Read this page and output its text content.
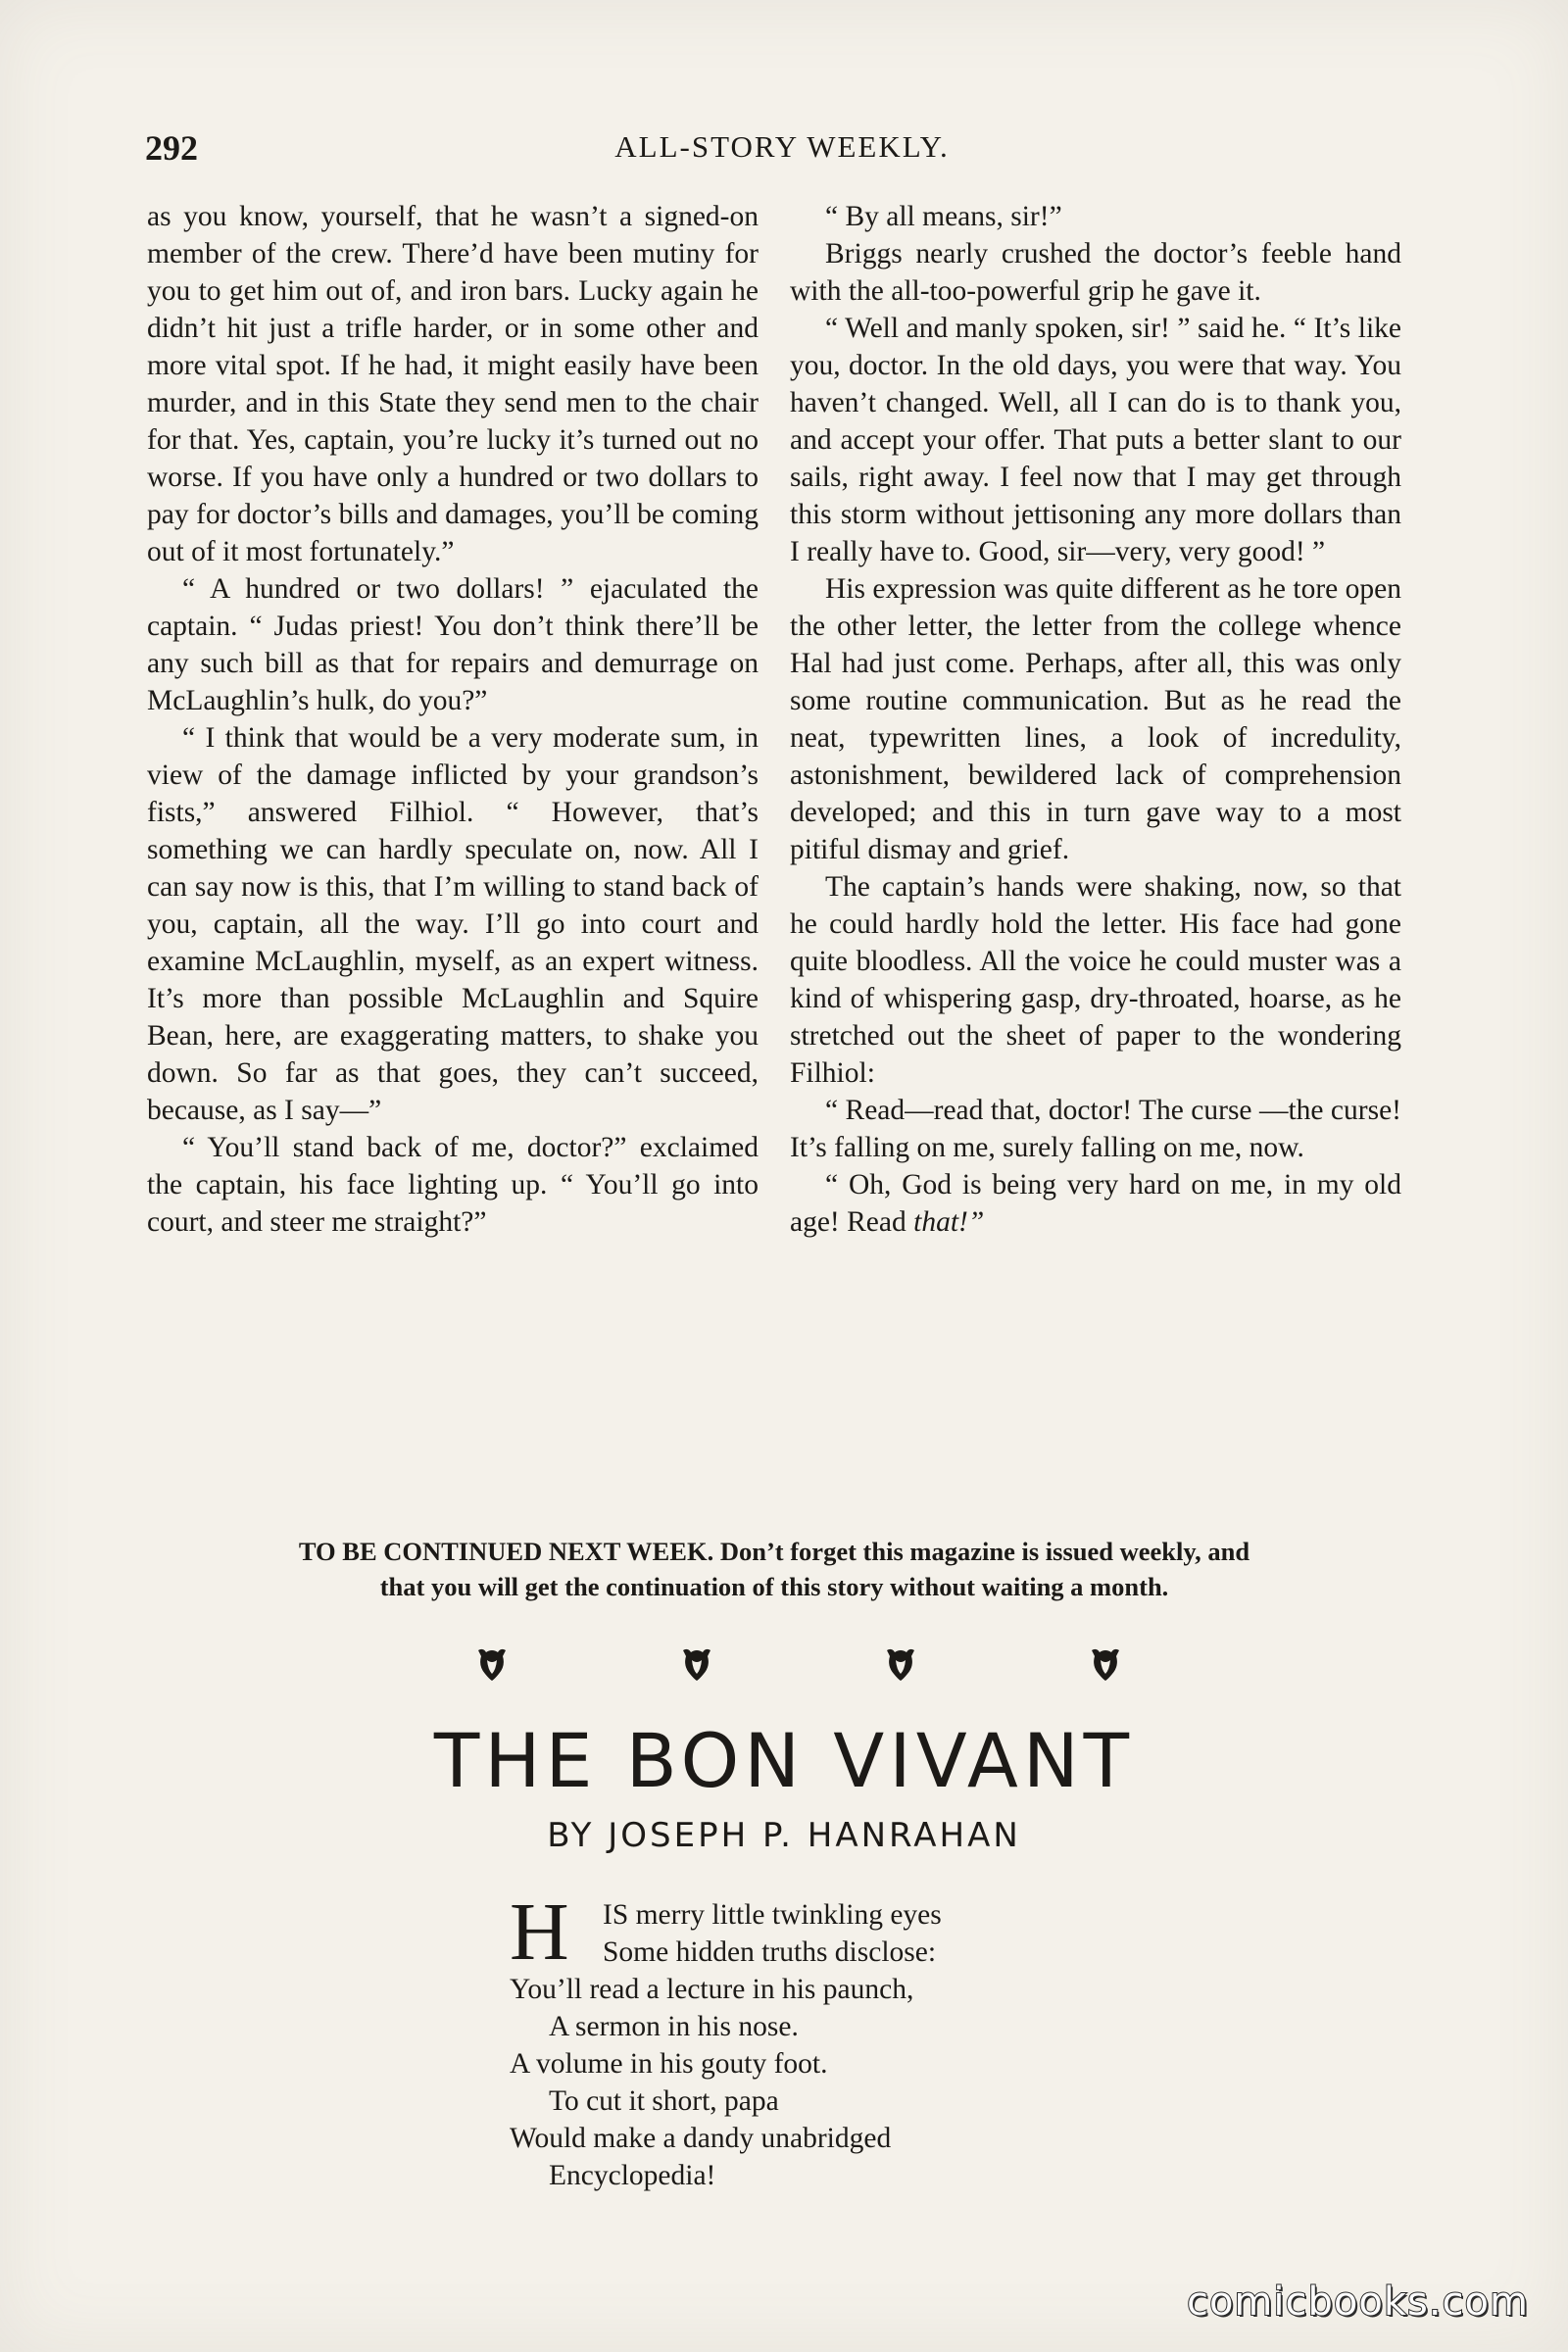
292	ALL-STORY WEEKLY.

as you know, yourself, that he wasn’t a signed-on member of the crew. There’d have been mutiny for you to get him out of, and iron bars. Lucky again he didn’t hit just a trifle harder, or in some other and more vital spot. If he had, it might easily have been murder, and in this State they send men to the chair for that. Yes, captain, you’re lucky it’s turned out no worse. If you have only a hundred or two dollars to pay for doctor’s bills and damages, you’ll be coming out of it most fortunately.”

“ A hundred or two dollars! ” ejaculated the captain. “ Judas priest! You don’t think there’ll be any such bill as that for repairs and demurrage on McLaughlin’s hulk, do you?”

“ I think that would be a very moderate sum, in view of the damage inflicted by your grandson’s fists,” answered Filhiol. “ However, that’s something we can hardly speculate on, now. All I can say now is this, that I’m willing to stand back of you, captain, all the way. I’ll go into court and examine McLaughlin, myself, as an expert witness. It’s more than possible McLaughlin and Squire Bean, here, are exaggerating matters, to shake you down. So far as that goes, they can’t succeed, because, as I say—”

“ You’ll stand back of me, doctor?” exclaimed the captain, his face lighting up. “ You’ll go into court, and steer me straight?”

“ By all means, sir!”

Briggs nearly crushed the doctor’s feeble hand with the all-too-powerful grip he gave it.

“ Well and manly spoken, sir! ” said he. “ It’s like you, doctor. In the old days, you were that way. You haven’t changed. Well, all I can do is to thank you, and accept your offer. That puts a better slant to our sails, right away. I feel now that I may get through this storm without jettisoning any more dollars than I really have to. Good, sir—very, very good! ”

His expression was quite different as he tore open the other letter, the letter from the college whence Hal had just come. Perhaps, after all, this was only some routine communication. But as he read the neat, typewritten lines, a look of incredulity, astonishment, bewildered lack of comprehension developed; and this in turn gave way to a most pitiful dismay and grief.

The captain’s hands were shaking, now, so that he could hardly hold the letter. His face had gone quite bloodless. All the voice he could muster was a kind of whispering gasp, dry-throated, hoarse, as he stretched out the sheet of paper to the wondering Filhiol:

“ Read—read that, doctor! The curse —the curse! It’s falling on me, surely falling on me, now.

“ Oh, God is being very hard on me, in my old age! Read that!”

TO BE CONTINUED NEXT WEEK. Don’t forget this magazine is issued weekly, and
that you will get the continuation of this story without waiting a month.
THE BON VIVANT
BY JOSEPH P. HANRAHAN
H	IS merry little twinkling eyes
Some hidden truths disclose:
You’ll read a lecture in his paunch,
A sermon in his nose.
A volume in his gouty foot.
To cut it short, papa
Would make a dandy unabridged
Encyclopedia!
comicbooks.com
